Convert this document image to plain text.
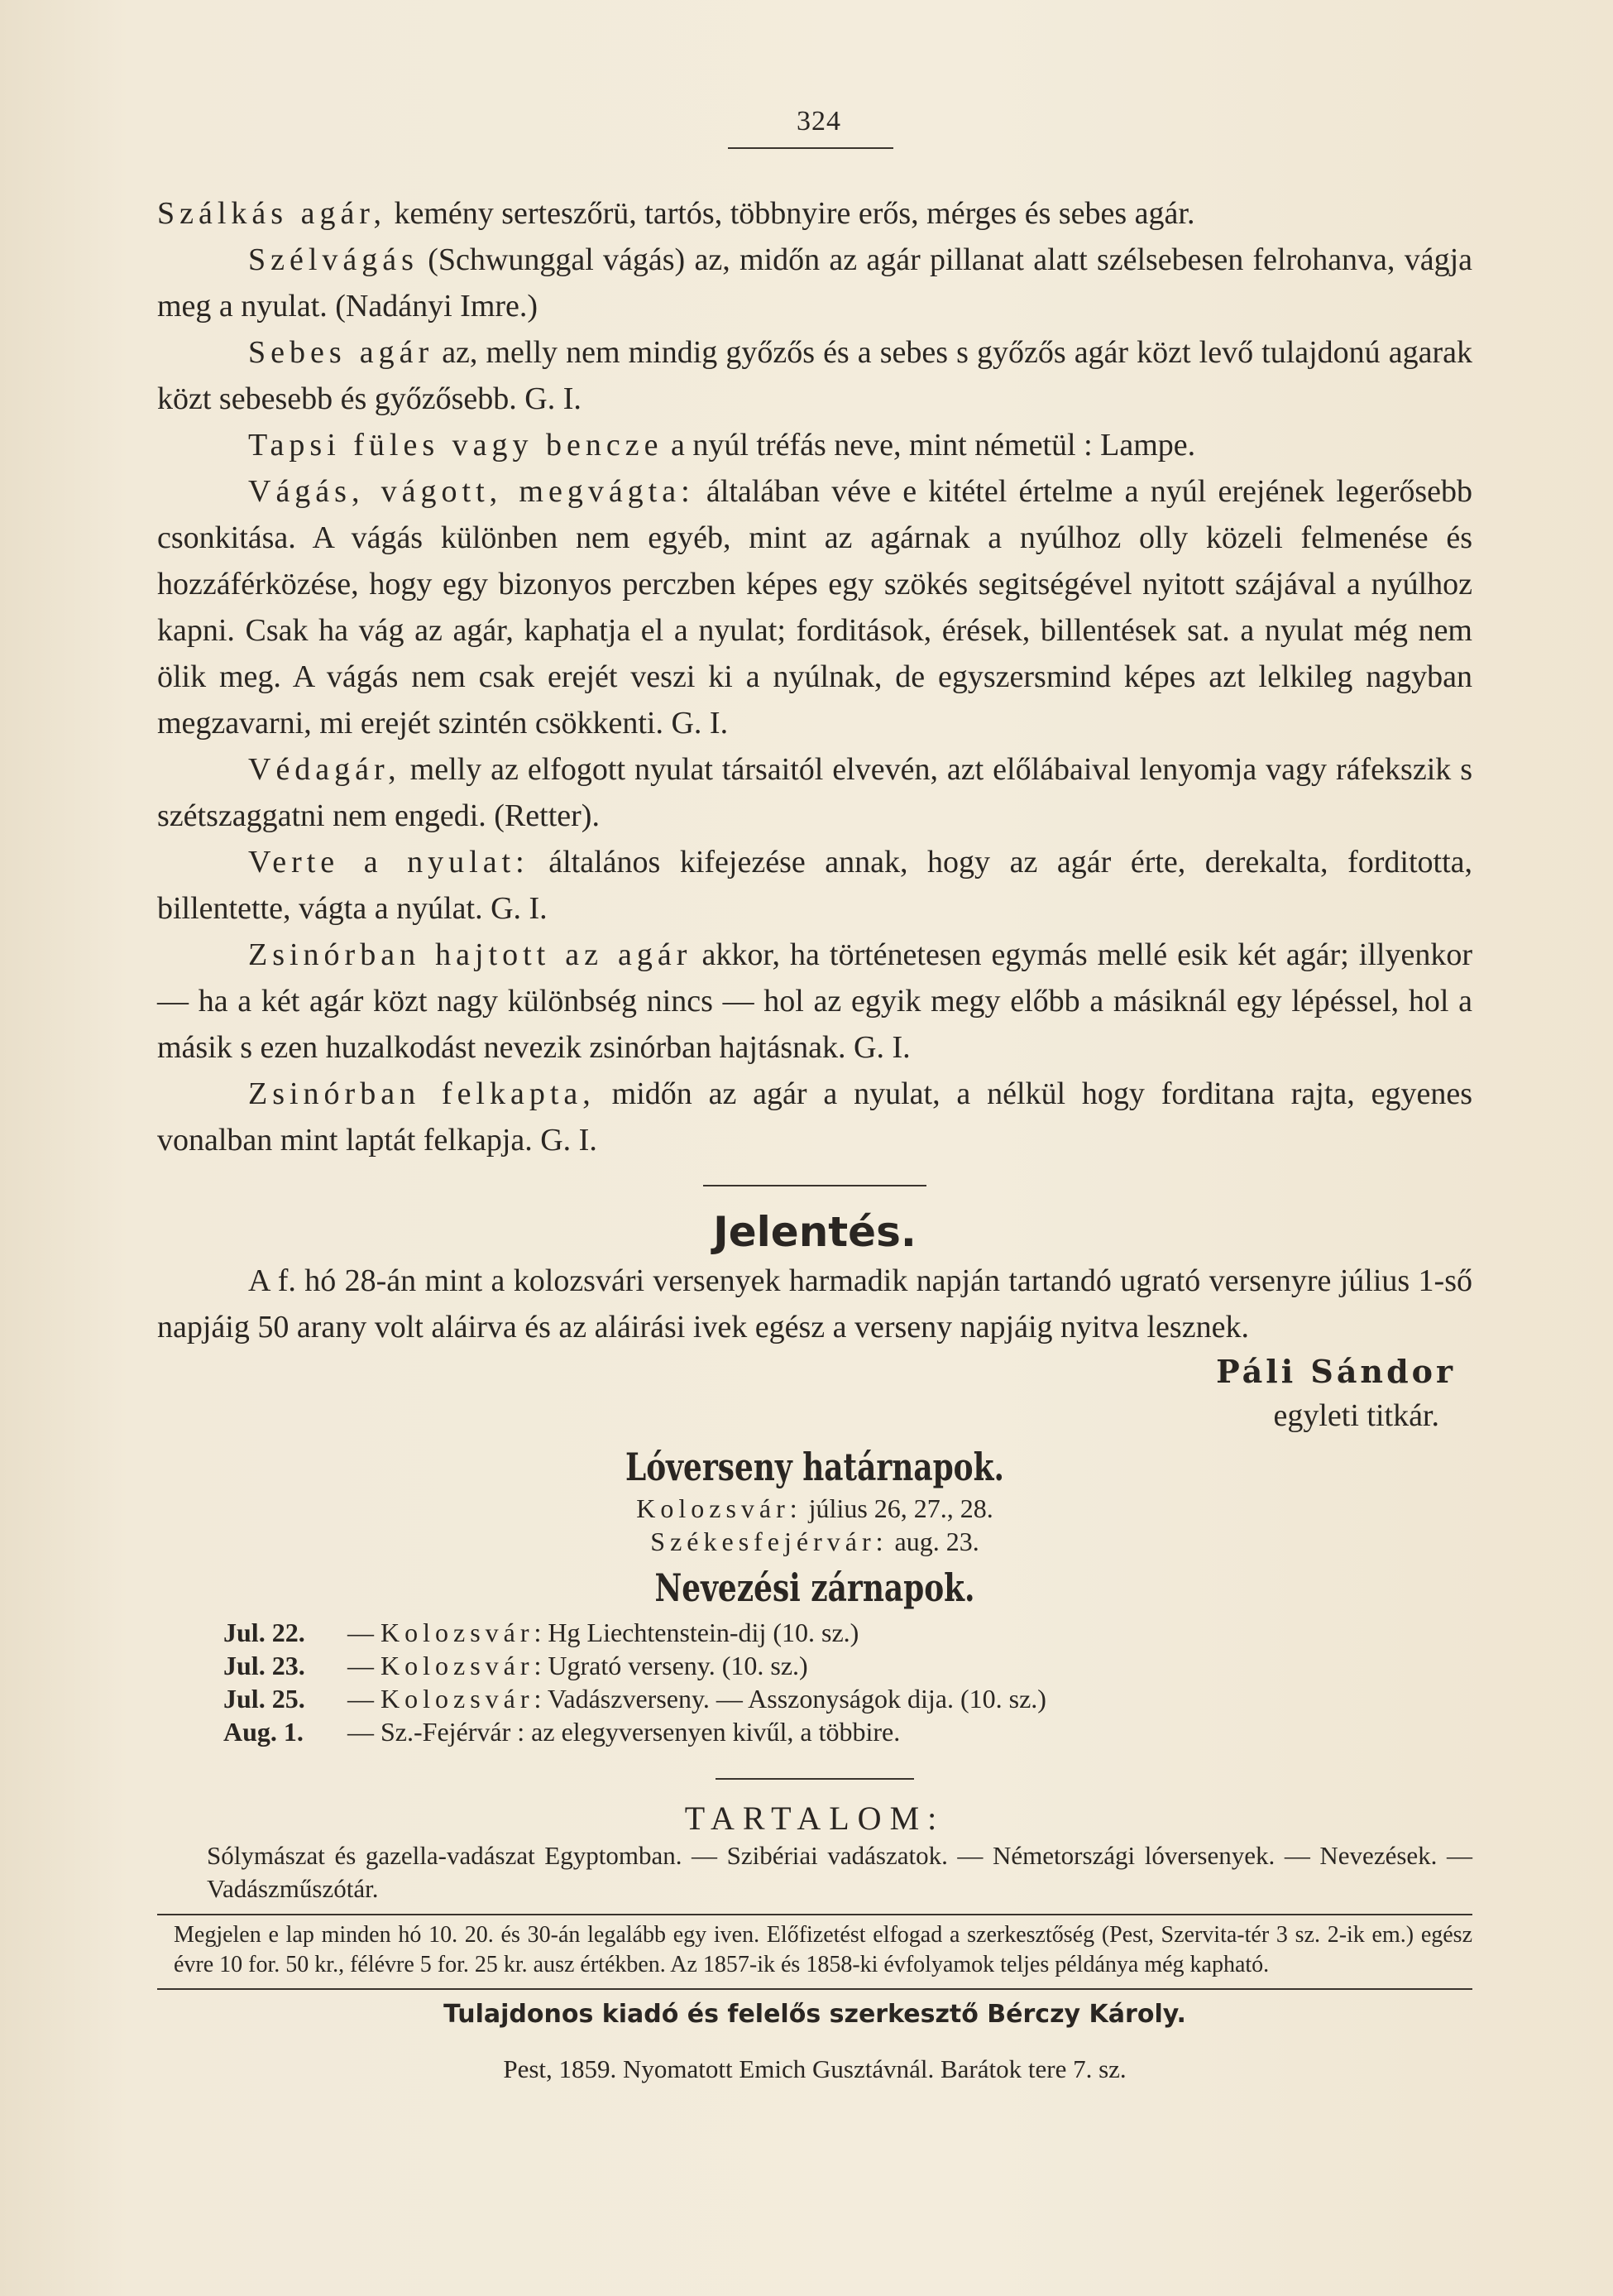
324

Szálkás agár, kemény serteszőrü, tartós, többnyire erős, mérges és sebes agár.

Szélvágás (Schwunggal vágás) az, midőn az agár pillanat alatt szélsebesen felrohanva, vágja meg a nyulat. (Nadányi Imre.)

Sebes agár az, melly nem mindig győzős és a sebes s győzős agár közt levő tulajdonú agarak közt sebesebb és győzősebb. G. I.

Tapsi füles vagy bencze a nyúl tréfás neve, mint németül : Lampe.

Vágás, vágott, megvágta: általában véve e kitétel értelme a nyúl erejének legerősebb csonkitása. A vágás különben nem egyéb, mint az agárnak a nyúlhoz olly közeli felmenése és hozzáférközése, hogy egy bizonyos perczben képes egy szökés segitségével nyitott szájával a nyúlhoz kapni. Csak ha vág az agár, kaphatja el a nyulat; forditások, érések, billentések sat. a nyulat még nem ölik meg. A vágás nem csak erejét veszi ki a nyúlnak, de egyszersmind képes azt lelkileg nagyban megzavarni, mi erejét szintén csökkenti. G. I.

Védagár, melly az elfogott nyulat társaitól elvevén, azt előlábaival lenyomja vagy ráfekszik s szétszaggatni nem engedi. (Retter).

Verte a nyulat: általános kifejezése annak, hogy az agár érte, derekalta, forditotta, billentette, vágta a nyúlat. G. I.

Zsinórban hajtott az agár akkor, ha történetesen egymás mellé esik két agár; illyenkor — ha a két agár közt nagy különbség nincs — hol az egyik megy előbb a másiknál egy lépéssel, hol a másik s ezen huzalkodást nevezik zsinórban hajtásnak. G. I.

Zsinórban felkapta, midőn az agár a nyulat, a nélkül hogy forditana rajta, egyenes vonalban mint laptát felkapja. G. I.

Jelentés.

A f. hó 28-án mint a kolozsvári versenyek harmadik napján tartandó ugrató versenyre július 1-ső napjáig 50 arany volt aláirva és az aláirási ivek egész a verseny napjáig nyitva lesznek.

Páli Sándor

egyleti titkár.

Lóverseny határnapok.

Kolozsvár: július 26, 27., 28.

Székesfejérvár: aug. 23.

Nevezési zárnapok.

Jul. 22. — Kolozsvár: Hg Liechtenstein-dij (10. sz.)

Jul. 23. — Kolozsvár: Ugrató verseny. (10. sz.)

Jul. 25. — Kolozsvár: Vadászverseny. — Asszonyságok dija. (10. sz.)

Aug. 1. — Sz.-Fejérvár : az elegyversenyen kivűl, a többire.

TARTALOM:

Sólymászat és gazella-vadászat Egyptomban. — Szibériai vadászatok. — Németországi lóversenyek. — Nevezések. — Vadászműszótár.

Megjelen e lap minden hó 10. 20. és 30-án legalább egy iven. Előfizetést elfogad a szerkesztőség (Pest, Szervita-tér 3 sz. 2-ik em.) egész évre 10 for. 50 kr., félévre 5 for. 25 kr. ausz értékben. Az 1857-ik és 1858-ki évfolyamok teljes példánya még kapható.

Tulajdonos kiadó és felelős szerkesztő Bérczy Károly.

Pest, 1859. Nyomatott Emich Gusztávnál. Barátok tere 7. sz.
